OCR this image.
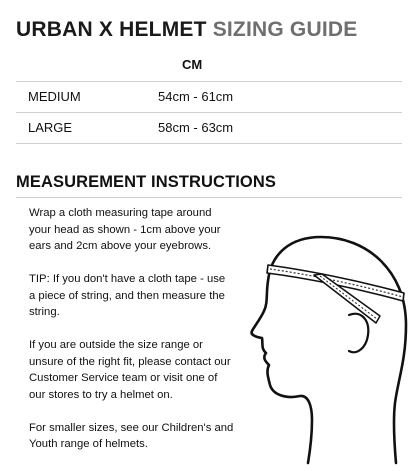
URBAN X HELMET SIZING GUIDE
CM
MEDIUM	54cm - 61cm
LARGE	58cm - 63cm
MEASUREMENT INSTRUCTIONS

Wrap a cloth measuring tape around your head as shown - 1cm above your ears and 2cm above your eyebrows.

TIP: If you don't have a cloth tape - use a piece of string, and then measure the string.

If you are outside the size range or unsure of the right fit, please contact our Customer Service team or visit one of our stores to try a helmet on.

For smaller sizes, see our Children's and Youth range of helmets.
